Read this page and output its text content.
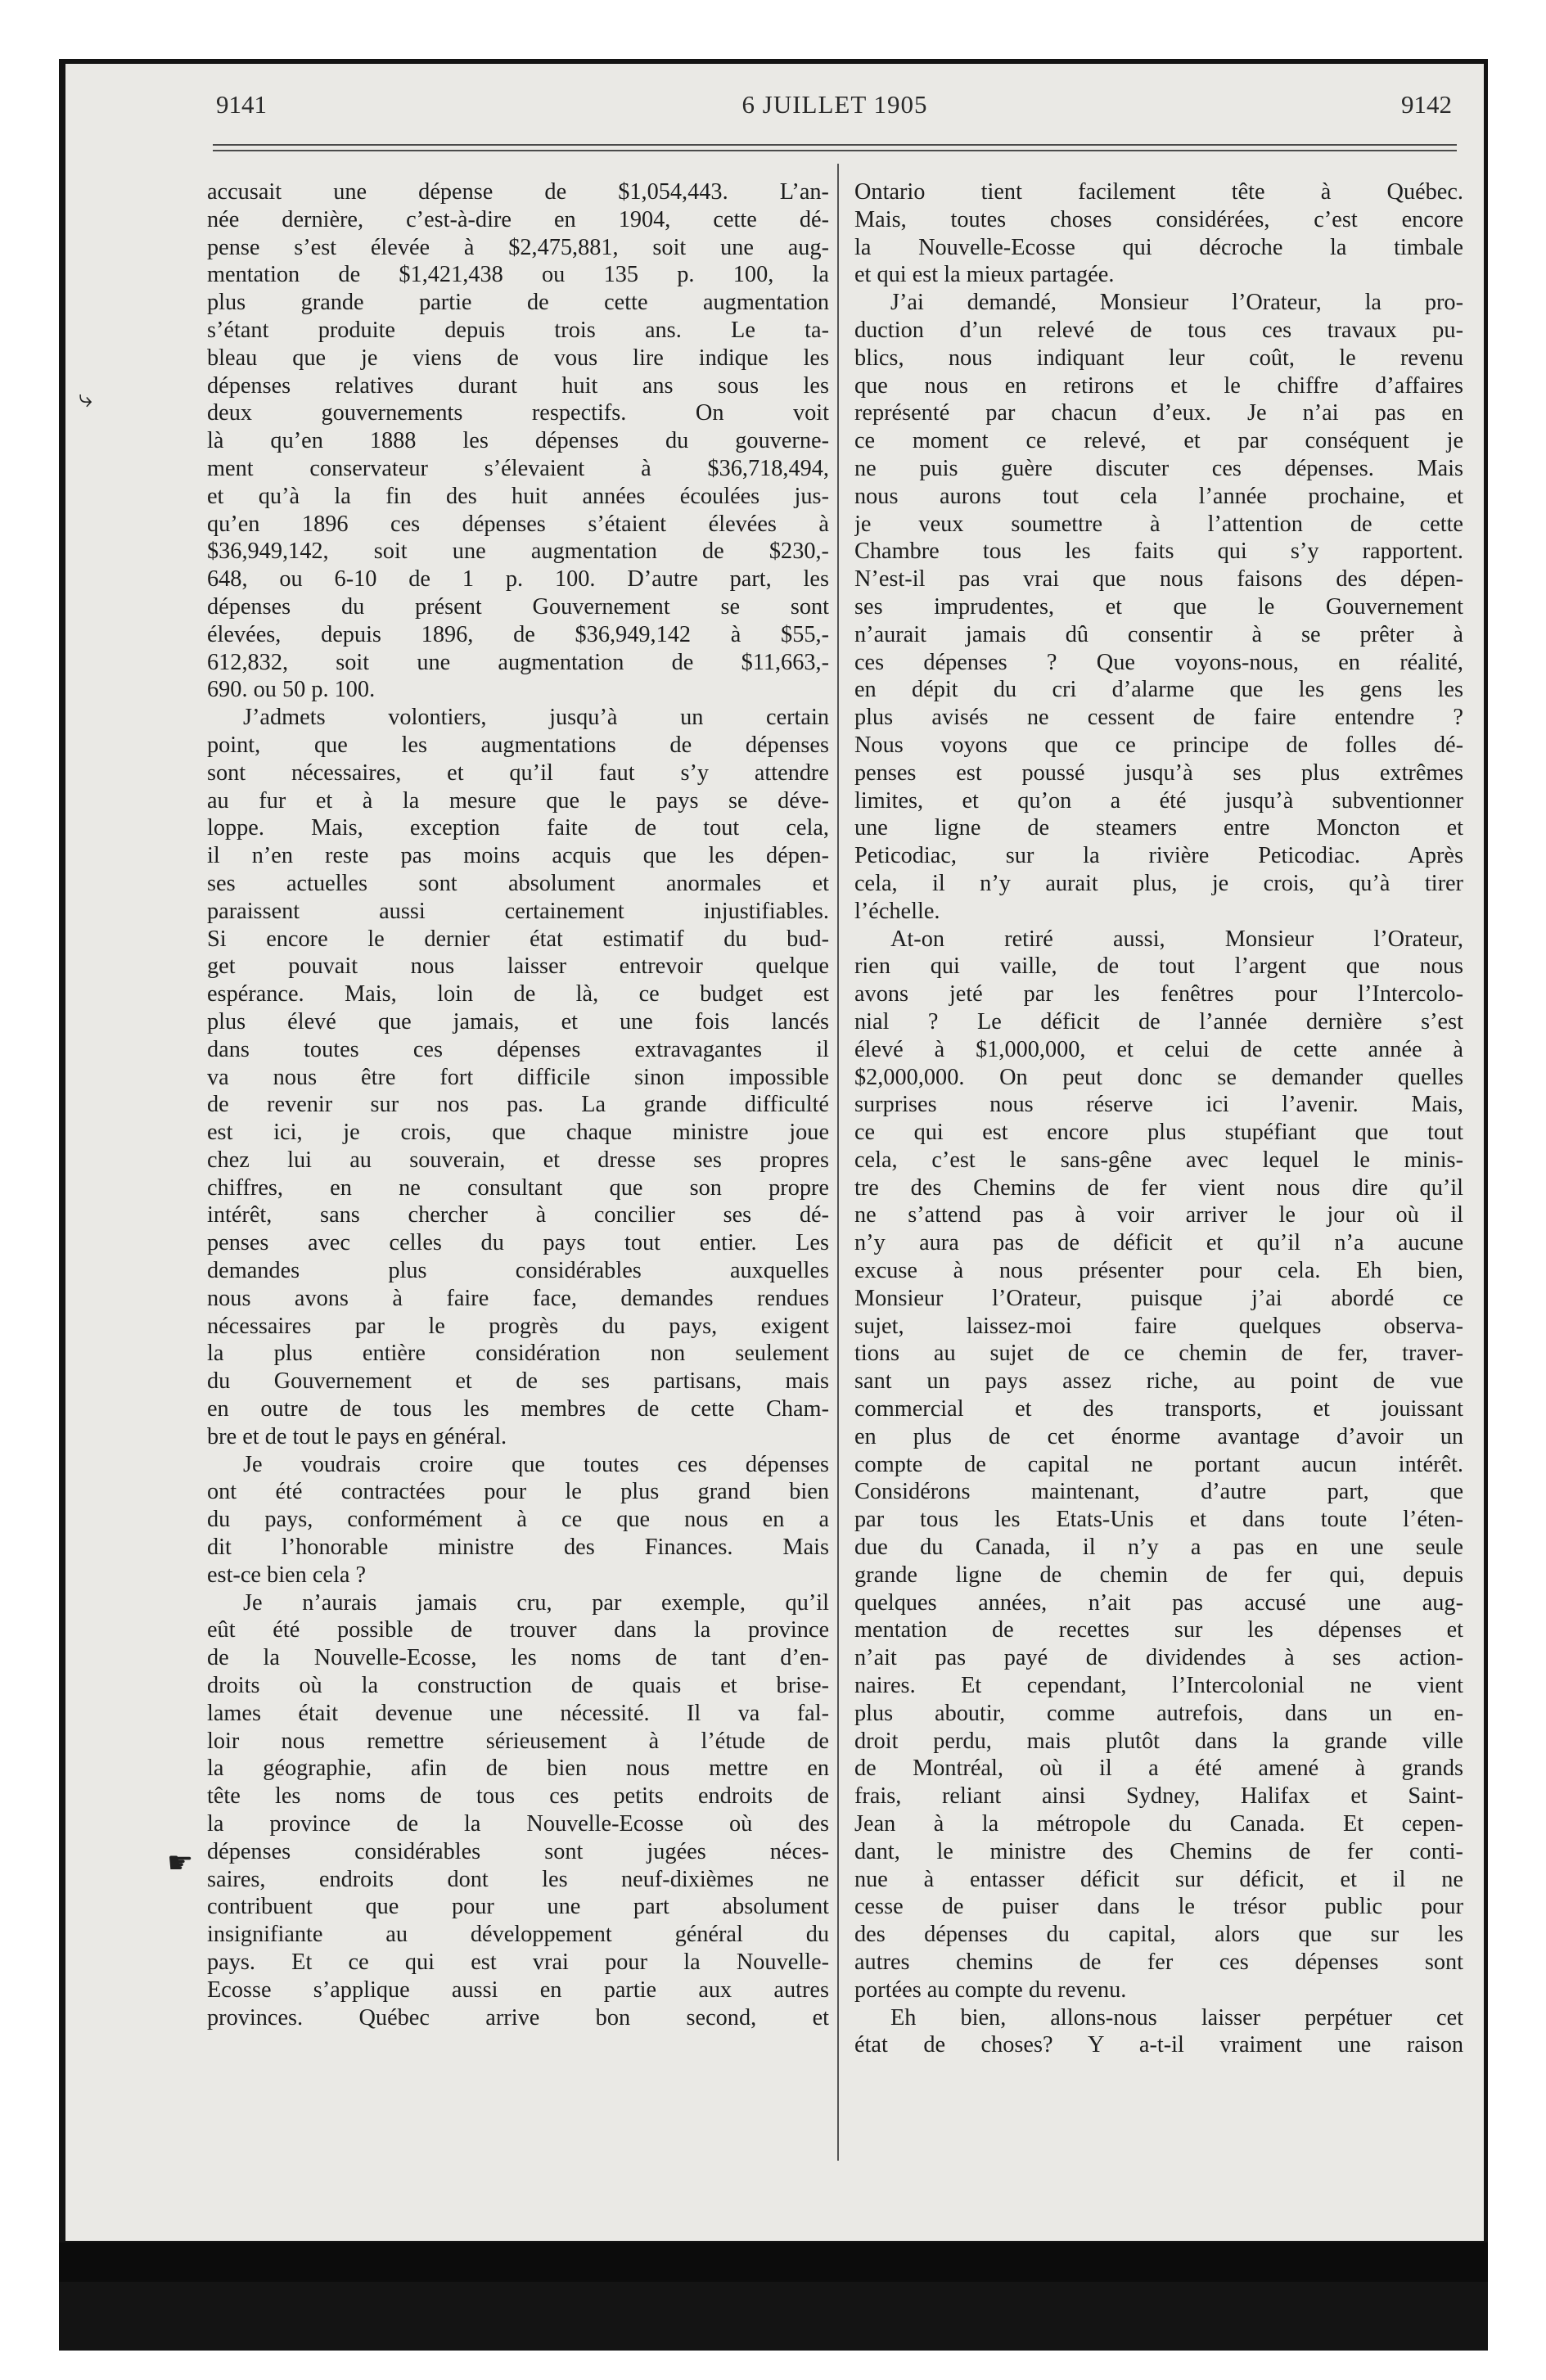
9141	6 JUILLET 1905	9142
⤷
☛
accusait une dépense de $1,054,443. L’an-
née dernière, c’est-à-dire en 1904, cette dé-
pense s’est élevée à $2,475,881, soit une aug-
mentation de $1,421,438 ou 135 p. 100, la
plus grande partie de cette augmentation
s’étant produite depuis trois ans. Le ta-
bleau que je viens de vous lire indique les
dépenses relatives durant huit ans sous les
deux gouvernements respectifs. On voit
là qu’en 1888 les dépenses du gouverne-
ment conservateur s’élevaient à $36,718,494,
et qu’à la fin des huit années écoulées jus-
qu’en 1896 ces dépenses s’étaient élevées à
$36,949,142, soit une augmentation de $230,-
648, ou 6-10 de 1 p. 100. D’autre part, les
dépenses du présent Gouvernement se sont
élevées, depuis 1896, de $36,949,142 à $55,-
612,832, soit une augmentation de $11,663,-
690. ou 50 p. 100.
J’admets volontiers, jusqu’à un certain
point, que les augmentations de dépenses
sont nécessaires, et qu’il faut s’y attendre
au fur et à la mesure que le pays se déve-
loppe. Mais, exception faite de tout cela,
il n’en reste pas moins acquis que les dépen-
ses actuelles sont absolument anormales et
paraissent aussi certainement injustifiables.
Si encore le dernier état estimatif du bud-
get pouvait nous laisser entrevoir quelque
espérance. Mais, loin de là, ce budget est
plus élevé que jamais, et une fois lancés
dans toutes ces dépenses extravagantes il
va nous être fort difficile sinon impossible
de revenir sur nos pas. La grande difficulté
est ici, je crois, que chaque ministre joue
chez lui au souverain, et dresse ses propres
chiffres, en ne consultant que son propre
intérêt, sans chercher à concilier ses dé-
penses avec celles du pays tout entier. Les
demandes plus considérables auxquelles
nous avons à faire face, demandes rendues
nécessaires par le progrès du pays, exigent
la plus entière considération non seulement
du Gouvernement et de ses partisans, mais
en outre de tous les membres de cette Cham-
bre et de tout le pays en général.
Je voudrais croire que toutes ces dépenses
ont été contractées pour le plus grand bien
du pays, conformément à ce que nous en a
dit l’honorable ministre des Finances. Mais
est-ce bien cela ?
Je n’aurais jamais cru, par exemple, qu’il
eût été possible de trouver dans la province
de la Nouvelle-Ecosse, les noms de tant d’en-
droits où la construction de quais et brise-
lames était devenue une nécessité. Il va fal-
loir nous remettre sérieusement à l’étude de
la géographie, afin de bien nous mettre en
tête les noms de tous ces petits endroits de
la province de la Nouvelle-Ecosse où des
dépenses considérables sont jugées néces-
saires, endroits dont les neuf-dixièmes ne
contribuent que pour une part absolument
insignifiante au développement général du
pays. Et ce qui est vrai pour la Nouvelle-
Ecosse s’applique aussi en partie aux autres
provinces. Québec arrive bon second, et
Ontario tient facilement tête à Québec.
Mais, toutes choses considérées, c’est encore
la Nouvelle-Ecosse qui décroche la timbale
et qui est la mieux partagée.
J’ai demandé, Monsieur l’Orateur, la pro-
duction d’un relevé de tous ces travaux pu-
blics, nous indiquant leur coût, le revenu
que nous en retirons et le chiffre d’affaires
représenté par chacun d’eux. Je n’ai pas en
ce moment ce relevé, et par conséquent je
ne puis guère discuter ces dépenses. Mais
nous aurons tout cela l’année prochaine, et
je veux soumettre à l’attention de cette
Chambre tous les faits qui s’y rapportent.
N’est-il pas vrai que nous faisons des dépen-
ses imprudentes, et que le Gouvernement
n’aurait jamais dû consentir à se prêter à
ces dépenses ? Que voyons-nous, en réalité,
en dépit du cri d’alarme que les gens les
plus avisés ne cessent de faire entendre ?
Nous voyons que ce principe de folles dé-
penses est poussé jusqu’à ses plus extrêmes
limites, et qu’on a été jusqu’à subventionner
une ligne de steamers entre Moncton et
Peticodiac, sur la rivière Peticodiac. Après
cela, il n’y aurait plus, je crois, qu’à tirer
l’échelle.
At-on retiré aussi, Monsieur l’Orateur,
rien qui vaille, de tout l’argent que nous
avons jeté par les fenêtres pour l’Intercolo-
nial ? Le déficit de l’année dernière s’est
élevé à $1,000,000, et celui de cette année à
$2,000,000. On peut donc se demander quelles
surprises nous réserve ici l’avenir. Mais,
ce qui est encore plus stupéfiant que tout
cela, c’est le sans-gêne avec lequel le minis-
tre des Chemins de fer vient nous dire qu’il
ne s’attend pas à voir arriver le jour où il
n’y aura pas de déficit et qu’il n’a aucune
excuse à nous présenter pour cela. Eh bien,
Monsieur l’Orateur, puisque j’ai abordé ce
sujet, laissez-moi faire quelques observa-
tions au sujet de ce chemin de fer, traver-
sant un pays assez riche, au point de vue
commercial et des transports, et jouissant
en plus de cet énorme avantage d’avoir un
compte de capital ne portant aucun intérêt.
Considérons maintenant, d’autre part, que
par tous les Etats-Unis et dans toute l’éten-
due du Canada, il n’y a pas en une seule
grande ligne de chemin de fer qui, depuis
quelques années, n’ait pas accusé une aug-
mentation de recettes sur les dépenses et
n’ait pas payé de dividendes à ses action-
naires. Et cependant, l’Intercolonial ne vient
plus aboutir, comme autrefois, dans un en-
droit perdu, mais plutôt dans la grande ville
de Montréal, où il a été amené à grands
frais, reliant ainsi Sydney, Halifax et Saint-
Jean à la métropole du Canada. Et cepen-
dant, le ministre des Chemins de fer conti-
nue à entasser déficit sur déficit, et il ne
cesse de puiser dans le trésor public pour
des dépenses du capital, alors que sur les
autres chemins de fer ces dépenses sont
portées au compte du revenu.
Eh bien, allons-nous laisser perpétuer cet
état de choses? Y a-t-il vraiment une raison
